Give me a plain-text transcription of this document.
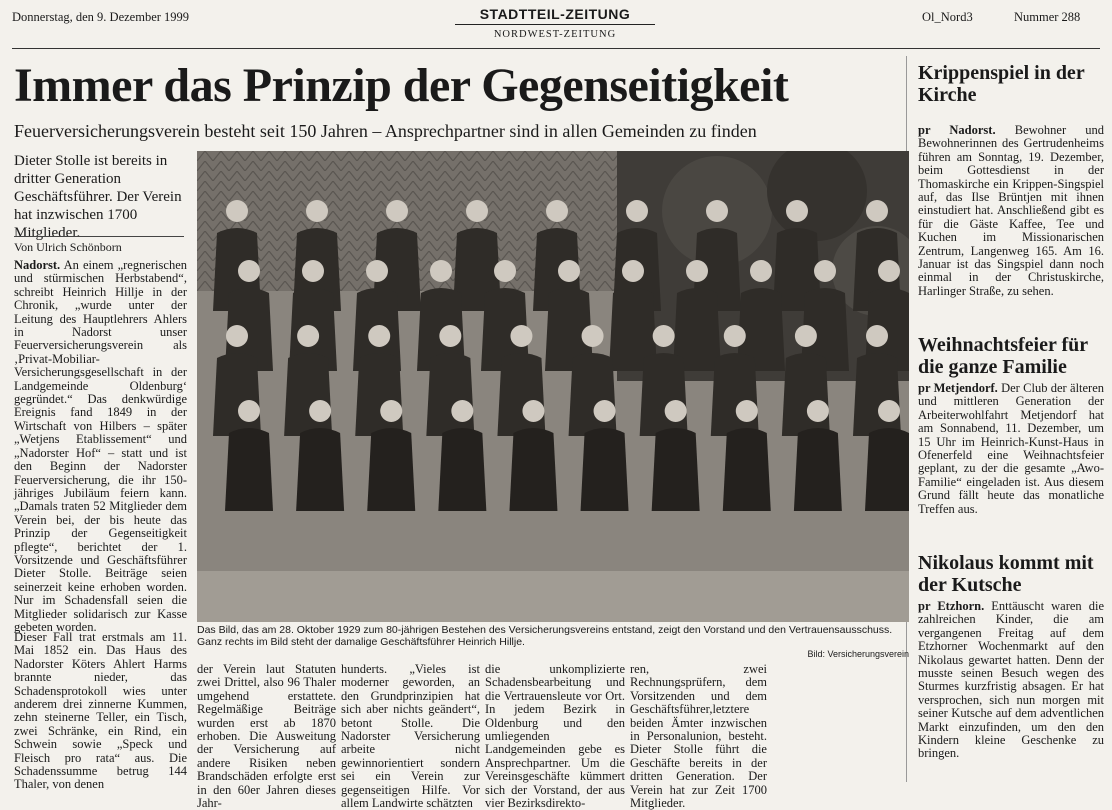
Donnerstag, den 9. Dezember 1999	STADTTEIL-ZEITUNG
NORDWEST-ZEITUNG
Ol_Nord3	Nummer 288
Immer das Prinzip der Gegenseitigkeit
Feuerversicherungsverein besteht seit 150 Jahren – Ansprechpartner sind in allen Gemeinden zu finden
Dieter Stolle ist bereits in dritter Generation Geschäftsführer. Der Verein hat inzwischen 1700 Mitglieder.
Von Ulrich Schönborn
Nadorst. An einem „regnerischen und stürmischen Herbstabend“, schreibt Heinrich Hillje in der Chronik, „wurde unter der Leitung des Hauptlehrers Ahlers in Nadorst unser Feuerversicherungsverein als ‚Privat-Mobiliar-Versicherungsgesellschaft in der Landgemeinde Oldenburg‘ gegründet.“ Das denkwürdige Ereignis fand 1849 in der Wirtschaft von Hilbers – später „Wetjens Etablissement“ und „Nadorster Hof“ – statt und ist den Beginn der Nadorster Feuerversicherung, die ihr 150-jähriges Jubiläum feiern kann. „Damals traten 52 Mitglieder dem Verein bei, der bis heute das Prinzip der Gegenseitigkeit pflegte“, berichtet der 1. Vorsitzende und Geschäftsführer Dieter Stolle. Beiträge seien seinerzeit keine erhoben worden. Nur im Schadensfall seien die Mitglieder solidarisch zur Kasse gebeten worden.
Dieser Fall trat erstmals am 11. Mai 1852 ein. Das Haus des Nadorster Köters Ahlert Harms brannte nieder, das Schadensprotokoll wies unter anderem drei zinnerne Kummen, zehn steinerne Teller, ein Tisch, zwei Schränke, ein Rind, ein Schwein sowie „Speck und Fleisch pro rata“ aus. Die Schadenssumme betrug 144 Thaler, von denen
der Verein laut Statuten zwei Drittel, also 96 Thaler umgehend erstattete. Regelmäßige Beiträge wurden erst ab 1870 erhoben. Die Ausweitung der Versicherung auf andere Risiken neben Brandschäden erfolgte erst in den 60er Jahren dieses Jahr-
hunderts. „Vieles ist moderner geworden, an den Grundprinzipien hat sich aber nichts geändert“, betont Stolle. Die Nadorster Versicherung arbeite nicht gewinnorientiert sondern sei ein Verein zur gegenseitigen Hilfe. Vor allem Landwirte schätzten
die unkomplizierte Schadensbearbeitung und die Vertrauensleute vor Ort. In jedem Bezirk in Oldenburg und den umliegenden Landgemeinden gebe es Ansprechpartner. Um die Vereinsgeschäfte kümmert sich der Vorstand, der aus vier Bezirksdirekto-
ren, zwei Rechnungsprüfern, dem Vorsitzenden und dem Geschäftsführer,letztere beiden Ämter inzwischen in Personalunion, besteht. Dieter Stolle führt die Geschäfte bereits in der dritten Generation. Der Verein hat zur Zeit 1700 Mitglieder.
Das Bild, das am 28. Oktober 1929 zum 80-jährigen Bestehen des Versicherungsvereins entstand, zeigt den Vorstand und den Vertrauensausschuss. Ganz rechts im Bild steht der damalige Geschäftsführer Heinrich Hillje.
Bild: Versicherungsverein
Krippenspiel in der Kirche
pr Nadorst. Bewohner und Bewohnerinnen des Gertrudenheims führen am Sonntag, 19. Dezember, beim Gottesdienst in der Thomaskirche ein Krippen-Singspiel auf, das Ilse Brüntjen mit ihnen einstudiert hat. Anschließend gibt es für die Gäste Kaffee, Tee und Kuchen im Missionarischen Zentrum, Langenweg 165. Am 16. Januar ist das Singspiel dann noch einmal in der Christuskirche, Harlinger Straße, zu sehen.
Weihnachtsfeier für die ganze Familie
pr Metjendorf. Der Club der älteren und mittleren Generation der Arbeiterwohlfahrt Metjendorf hat am Sonnabend, 11. Dezember, um 15 Uhr im Heinrich-Kunst-Haus in Ofenerfeld eine Weihnachtsfeier geplant, zu der die gesamte „Awo-Familie“ eingeladen ist. Aus diesem Grund fällt heute das monatliche Treffen aus.
Nikolaus kommt mit der Kutsche
pr Etzhorn. Enttäuscht waren die zahlreichen Kinder, die am vergangenen Freitag auf dem Etzhorner Wochenmarkt auf den Nikolaus gewartet hatten. Denn der musste seinen Besuch wegen des Sturmes kurzfristig absagen. Er hat versprochen, sich nun morgen mit seiner Kutsche auf dem adventlichen Markt einzufinden, um den den Kindern kleine Geschenke zu bringen.
